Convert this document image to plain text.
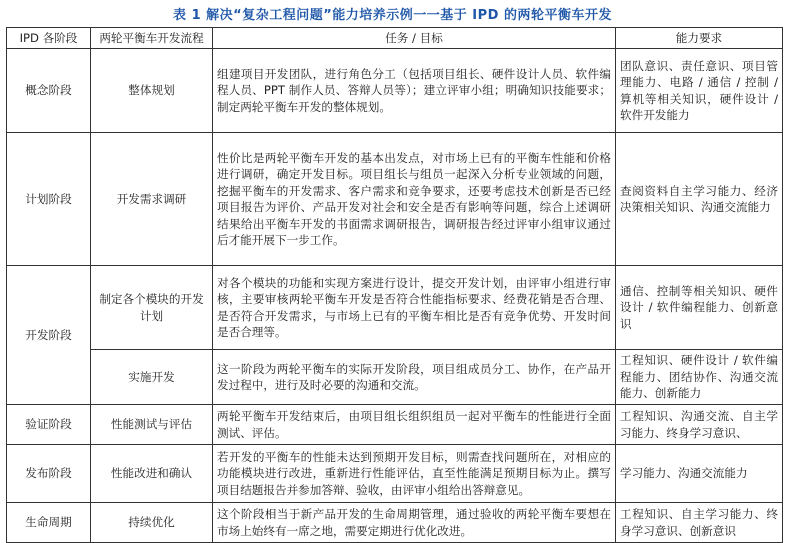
表 1 解决“复杂工程问题”能力培养示例一一基于 IPD 的两轮平衡车开发
IPD 各阶段	两轮平衡车开发流程	任务 / 目标	能力要求
概念阶段	整体规划	组建项目开发团队，进行角色分工（包括项目组长、硬件设计人员、软件编程人员、PPT 制作人员、答辩人员等）；建立评审小组；明确知识技能要求；制定两轮平衡车开发的整体规划。	团队意识、责任意识、项目管理能力、电路 / 通信 / 控制 / 算机等相关知识，硬件设计 / 软件开发能力
计划阶段	开发需求调研	性价比是两轮平衡车开发的基本出发点，对市场上已有的平衡车性能和价格进行调研，确定开发目标。项目组长与组员一起深入分析专业领域的问题，挖掘平衡车的开发需求、客户需求和竞争要求，还要考虑技术创新是否已经项目报告为评价、产品开发对社会和安全是否有影响等问题，综合上述调研结果给出平衡车开发的书面需求调研报告，调研报告经过评审小组审议通过后才能开展下一步工作。	查阅资料自主学习能力、经济决策相关知识、沟通交流能力
开发阶段	制定各个模块的开发计划	对各个模块的功能和实现方案进行设计，提交开发计划，由评审小组进行审核，主要审核两轮平衡车开发是否符合性能指标要求、经费花销是否合理、是否符合开发需求，与市场上已有的平衡车相比是否有竞争优势、开发时间是否合理等。	通信、控制等相关知识、硬件设计 / 软件编程能力、创新意识
	实施开发	这一阶段为两轮平衡车的实际开发阶段，项目组成员分工、协作，在产品开发过程中，进行及时必要的沟通和交流。	工程知识、硬件设计 / 软件编程能力、团结协作、沟通交流能力、创新能力
验证阶段	性能测试与评估	两轮平衡车开发结束后，由项目组长组织组员一起对平衡车的性能进行全面测试、评估。	工程知识、沟通交流、自主学习能力、终身学习意识、
发布阶段	性能改进和确认	若开发的平衡车的性能未达到预期开发目标，则需查找问题所在，对相应的功能模块进行改进，重新进行性能评估，直至性能满足预期目标为止。撰写项目结题报告并参加答辩、验收，由评审小组给出答辩意见。	学习能力、沟通交流能力
生命周期	持续优化	这个阶段相当于新产品开发的生命周期管理，通过验收的两轮平衡车要想在市场上始终有一席之地，需要定期进行优化改进。	工程知识、自主学习能力、终身学习意识、创新意识
